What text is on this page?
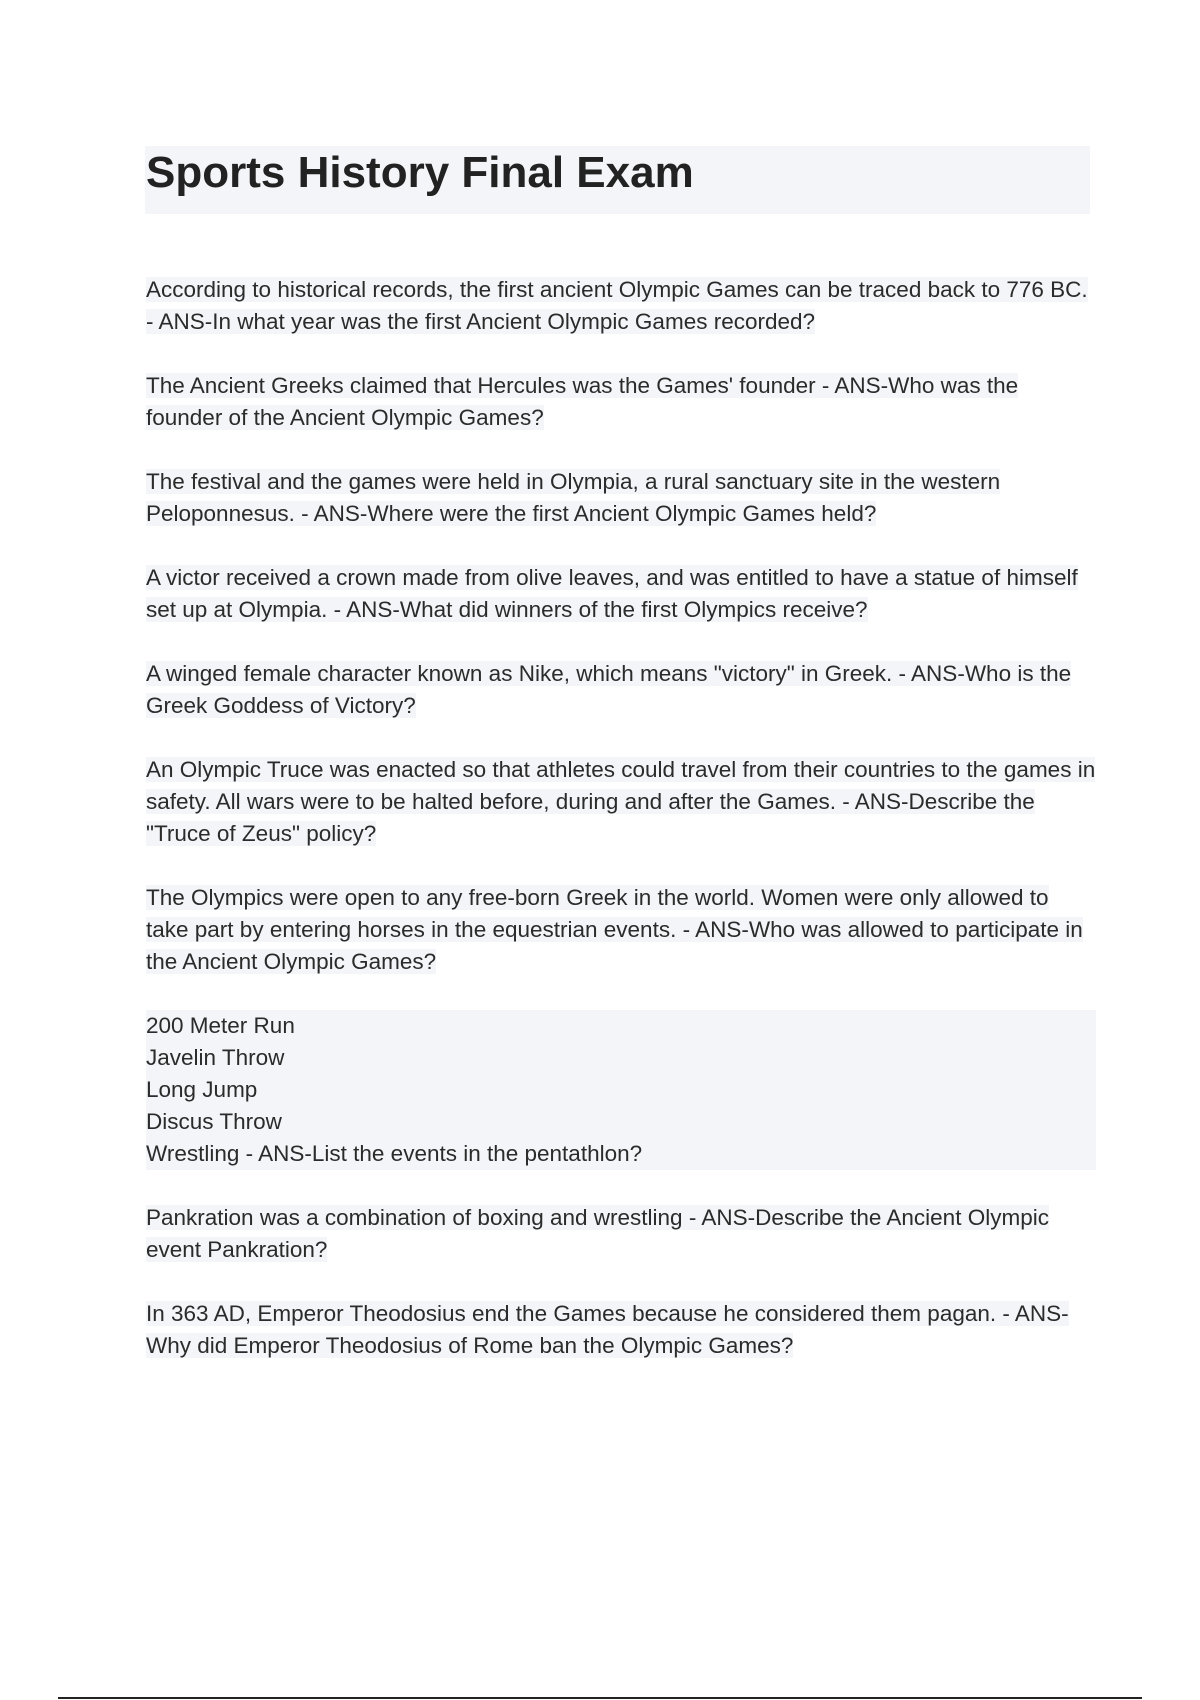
Sports History Final Exam

According to historical records, the first ancient Olympic Games can be traced back to 776 BC. - ANS-In what year was the first Ancient Olympic Games recorded?

The Ancient Greeks claimed that Hercules was the Games' founder - ANS-Who was the founder of the Ancient Olympic Games?

The festival and the games were held in Olympia, a rural sanctuary site in the western Peloponnesus. - ANS-Where were the first Ancient Olympic Games held?

A victor received a crown made from olive leaves, and was entitled to have a statue of himself set up at Olympia. - ANS-What did winners of the first Olympics receive?

A winged female character known as Nike, which means "victory" in Greek. - ANS-Who is the Greek Goddess of Victory?

An Olympic Truce was enacted so that athletes could travel from their countries to the games in safety. All wars were to be halted before, during and after the Games. - ANS-Describe the "Truce of Zeus" policy?

The Olympics were open to any free-born Greek in the world. Women were only allowed to take part by entering horses in the equestrian events. - ANS-Who was allowed to participate in the Ancient Olympic Games?

200 Meter Run
Javelin Throw
Long Jump
Discus Throw
Wrestling - ANS-List the events in the pentathlon?

Pankration was a combination of boxing and wrestling - ANS-Describe the Ancient Olympic event Pankration?

In 363 AD, Emperor Theodosius end the Games because he considered them pagan. - ANS-Why did Emperor Theodosius of Rome ban the Olympic Games?
